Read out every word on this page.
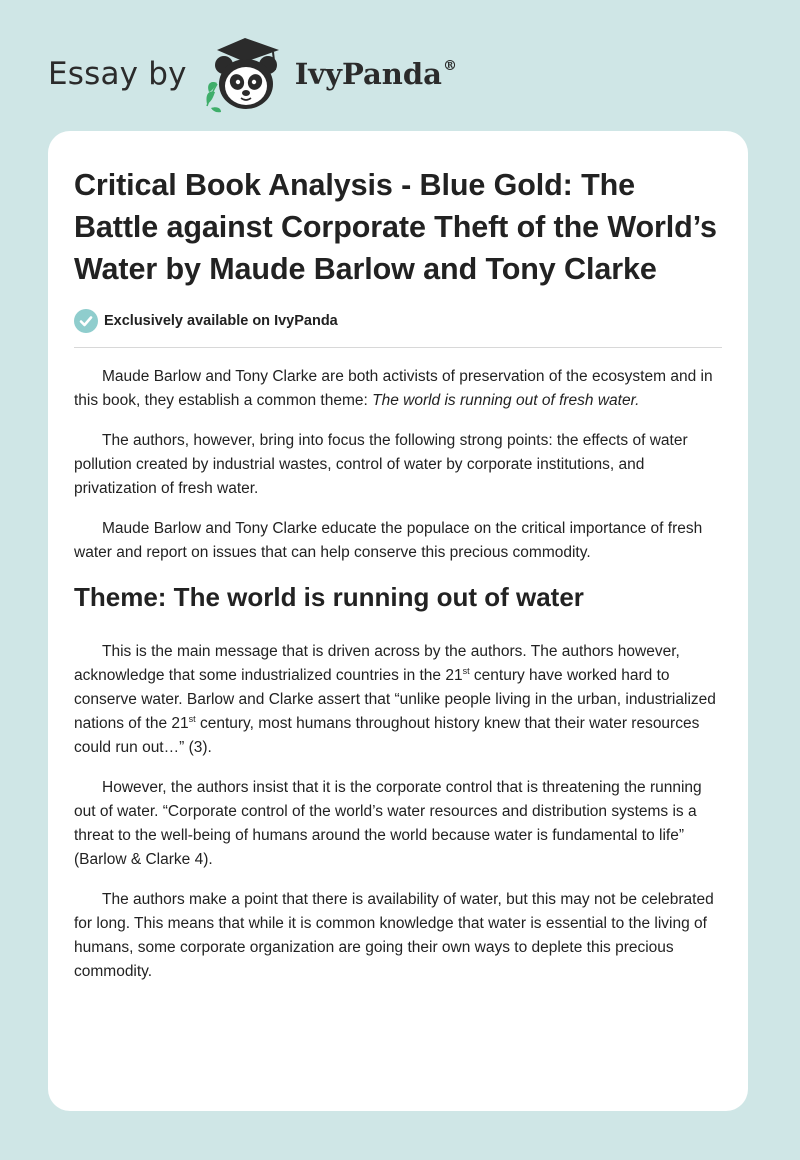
Essay by	IvyPanda®
Critical Book Analysis - Blue Gold: The Battle against Corporate Theft of the World’s Water by Maude Barlow and Tony Clarke
Exclusively available on IvyPanda

Maude Barlow and Tony Clarke are both activists of preservation of the ecosystem and in this book, they establish a common theme: The world is running out of fresh water.

The authors, however, bring into focus the following strong points: the effects of water pollution created by industrial wastes, control of water by corporate institutions, and privatization of fresh water.

Maude Barlow and Tony Clarke educate the populace on the critical importance of fresh water and report on issues that can help conserve this precious commodity.

Theme: The world is running out of water

This is the main message that is driven across by the authors. The authors however, acknowledge that some industrialized countries in the 21st century have worked hard to conserve water. Barlow and Clarke assert that “unlike people living in the urban, industrialized nations of the 21st century, most humans throughout history knew that their water resources could run out…” (3).

However, the authors insist that it is the corporate control that is threatening the running out of water. “Corporate control of the world’s water resources and distribution systems is a threat to the well-being of humans around the world because water is fundamental to life” (Barlow & Clarke 4).

The authors make a point that there is availability of water, but this may not be celebrated for long. This means that while it is common knowledge that water is essential to the living of humans, some corporate organization are going their own ways to deplete this precious commodity.
